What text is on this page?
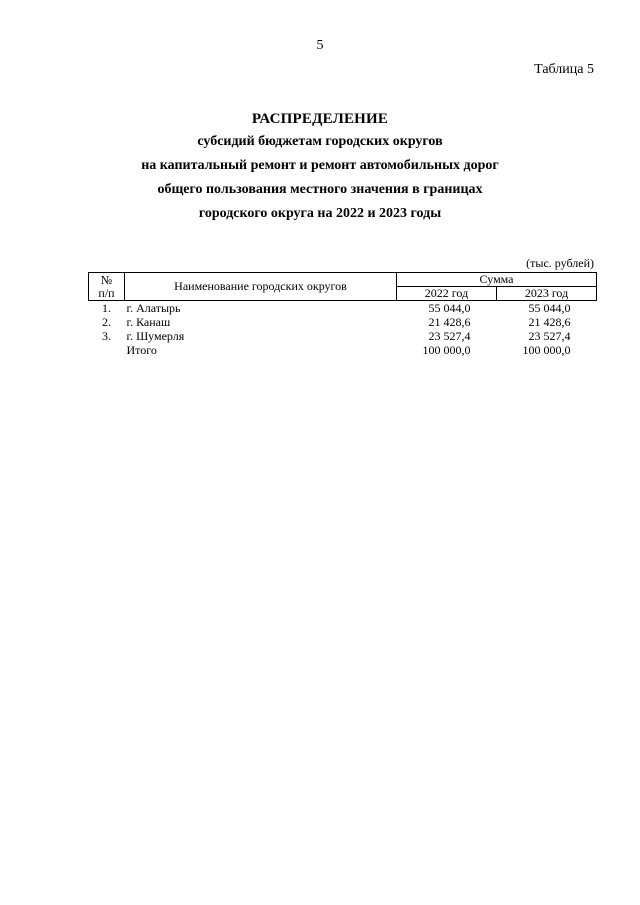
5
Таблица 5
РАСПРЕДЕЛЕНИЕ
субсидий бюджетам городских округов
на капитальный ремонт и ремонт автомобильных дорог
общего пользования местного значения в границах
городского округа на 2022 и 2023 годы
(тыс. рублей)
№
п/п	Наименование городских округов	Сумма	
		2022 год	2023 год
1.	г. Алатырь	55 044,0	55 044,0
2.	г. Канаш	21 428,6	21 428,6
3.	г. Шумерля	23 527,4	23 527,4
	Итого	100 000,0	100 000,0
